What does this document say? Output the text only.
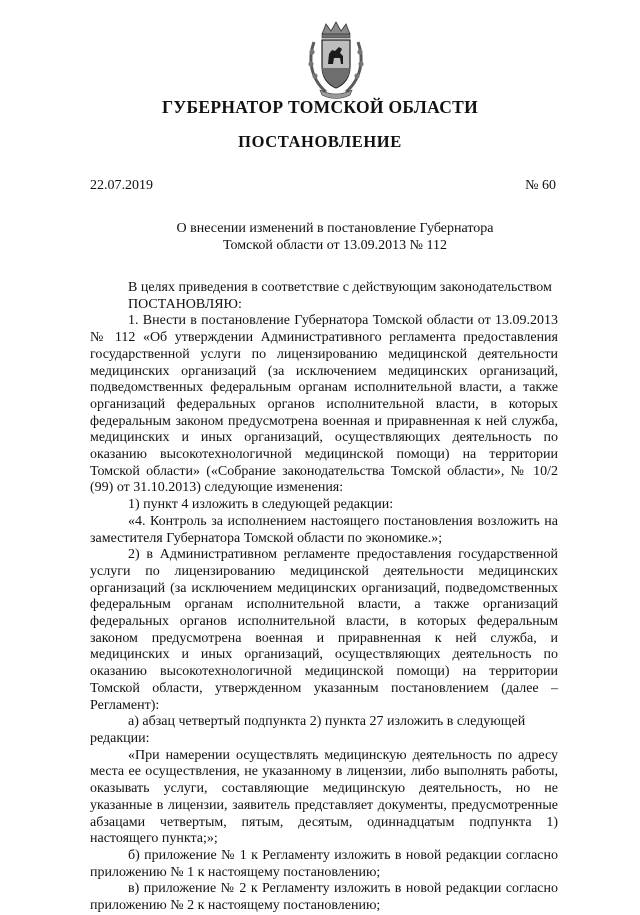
ГУБЕРНАТОР ТОМСКОЙ ОБЛАСТИ
ПОСТАНОВЛЕНИЕ
22.07.2019	№ 60
О внесении изменений в постановление Губернатора
Томской области от 13.09.2013 № 112

В целях приведения в соответствие с действующим законодательством

ПОСТАНОВЛЯЮ:

1. Внести в постановление Губернатора Томской области от 13.09.2013 № 112 «Об утверждении Административного регламента предоставления государственной услуги по лицензированию медицинской деятельности медицинских организаций (за исключением медицинских организаций, подведомственных федеральным органам исполнительной власти, а также организаций федеральных органов исполнительной власти, в которых федеральным законом предусмотрена военная и приравненная к ней служба, медицинских и иных организаций, осуществляющих деятельность по оказанию высокотехнологичной медицинской помощи) на территории Томской области» («Собрание законодательства Томской области», № 10/2 (99) от 31.10.2013) следующие изменения:

1) пункт 4 изложить в следующей редакции:

«4. Контроль за исполнением настоящего постановления возложить на заместителя Губернатора Томской области по экономике.»;

2) в Административном регламенте предоставления государственной услуги по лицензированию медицинской деятельности медицинских организаций (за исключением медицинских организаций, подведомственных федеральным органам исполнительной власти, а также организаций федеральных органов исполнительной власти, в которых федеральным законом предусмотрена военная и приравненная к ней служба, и медицинских и иных организаций, осуществляющих деятельность по оказанию высокотехнологичной медицинской помощи) на территории Томской области, утвержденном указанным постановлением (далее – Регламент):

а) абзац четвертый подпункта 2) пункта 27 изложить в следующей редакции:

«При намерении осуществлять медицинскую деятельность по адресу места ее осуществления, не указанному в лицензии, либо выполнять работы, оказывать услуги, составляющие медицинскую деятельность, но не указанные в лицензии, заявитель представляет документы, предусмотренные абзацами четвертым, пятым, десятым, одиннадцатым подпункта 1) настоящего пункта;»;

б) приложение № 1 к Регламенту изложить в новой редакции согласно приложению № 1 к настоящему постановлению;

в) приложение № 2 к Регламенту изложить в новой редакции согласно приложению № 2 к настоящему постановлению;
